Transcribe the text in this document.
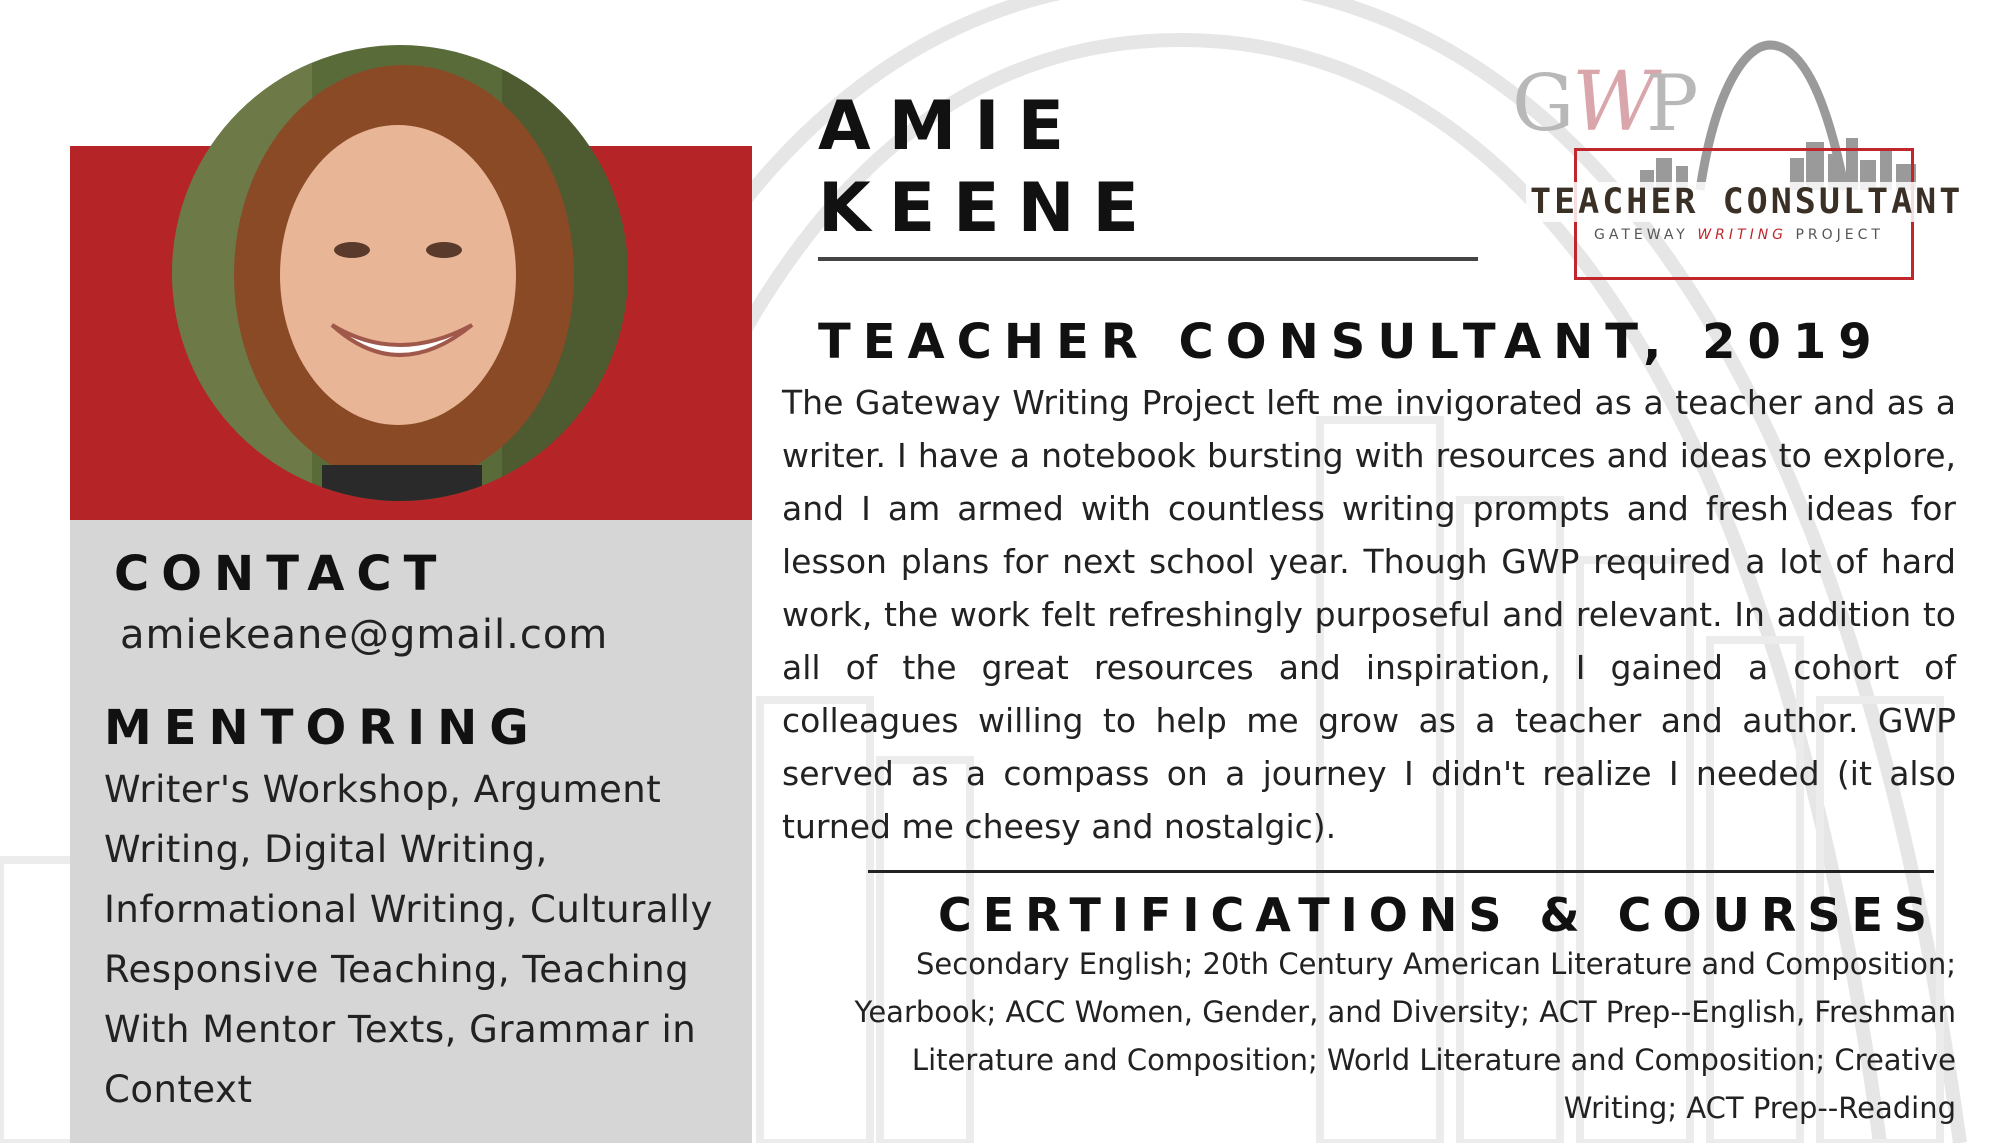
CONTACT
amiekeane@gmail.com
MENTORING
Writer's Workshop, Argument Writing, Digital Writing, Informational Writing, Culturally Responsive Teaching, Teaching With Mentor Texts, Grammar in Context
AMIE
KEENE
TEACHER CONSULTANT, 2019
The Gateway Writing Project left me invigorated as a teacher and as a writer. I have a notebook bursting with resources and ideas to explore, and I am armed with countless writing prompts and fresh ideas for lesson plans for next school year. Though GWP required a lot of hard work, the work felt refreshingly purposeful and relevant. In addition to all of the great resources and inspiration, I gained a cohort of colleagues willing to help me grow as a teacher and author. GWP served as a compass on a journey I didn't realize I needed (it also turned me cheesy and nostalgic).
CERTIFICATIONS & COURSES
Secondary English; 20th Century American Literature and Composition; Yearbook; ACC Women, Gender, and Diversity; ACT Prep--English, Freshman Literature and Composition; World Literature and Composition; Creative Writing; ACT Prep--Reading
G
W
P
TEACHER CONSULTANT
GATEWAY WRITING PROJECT
